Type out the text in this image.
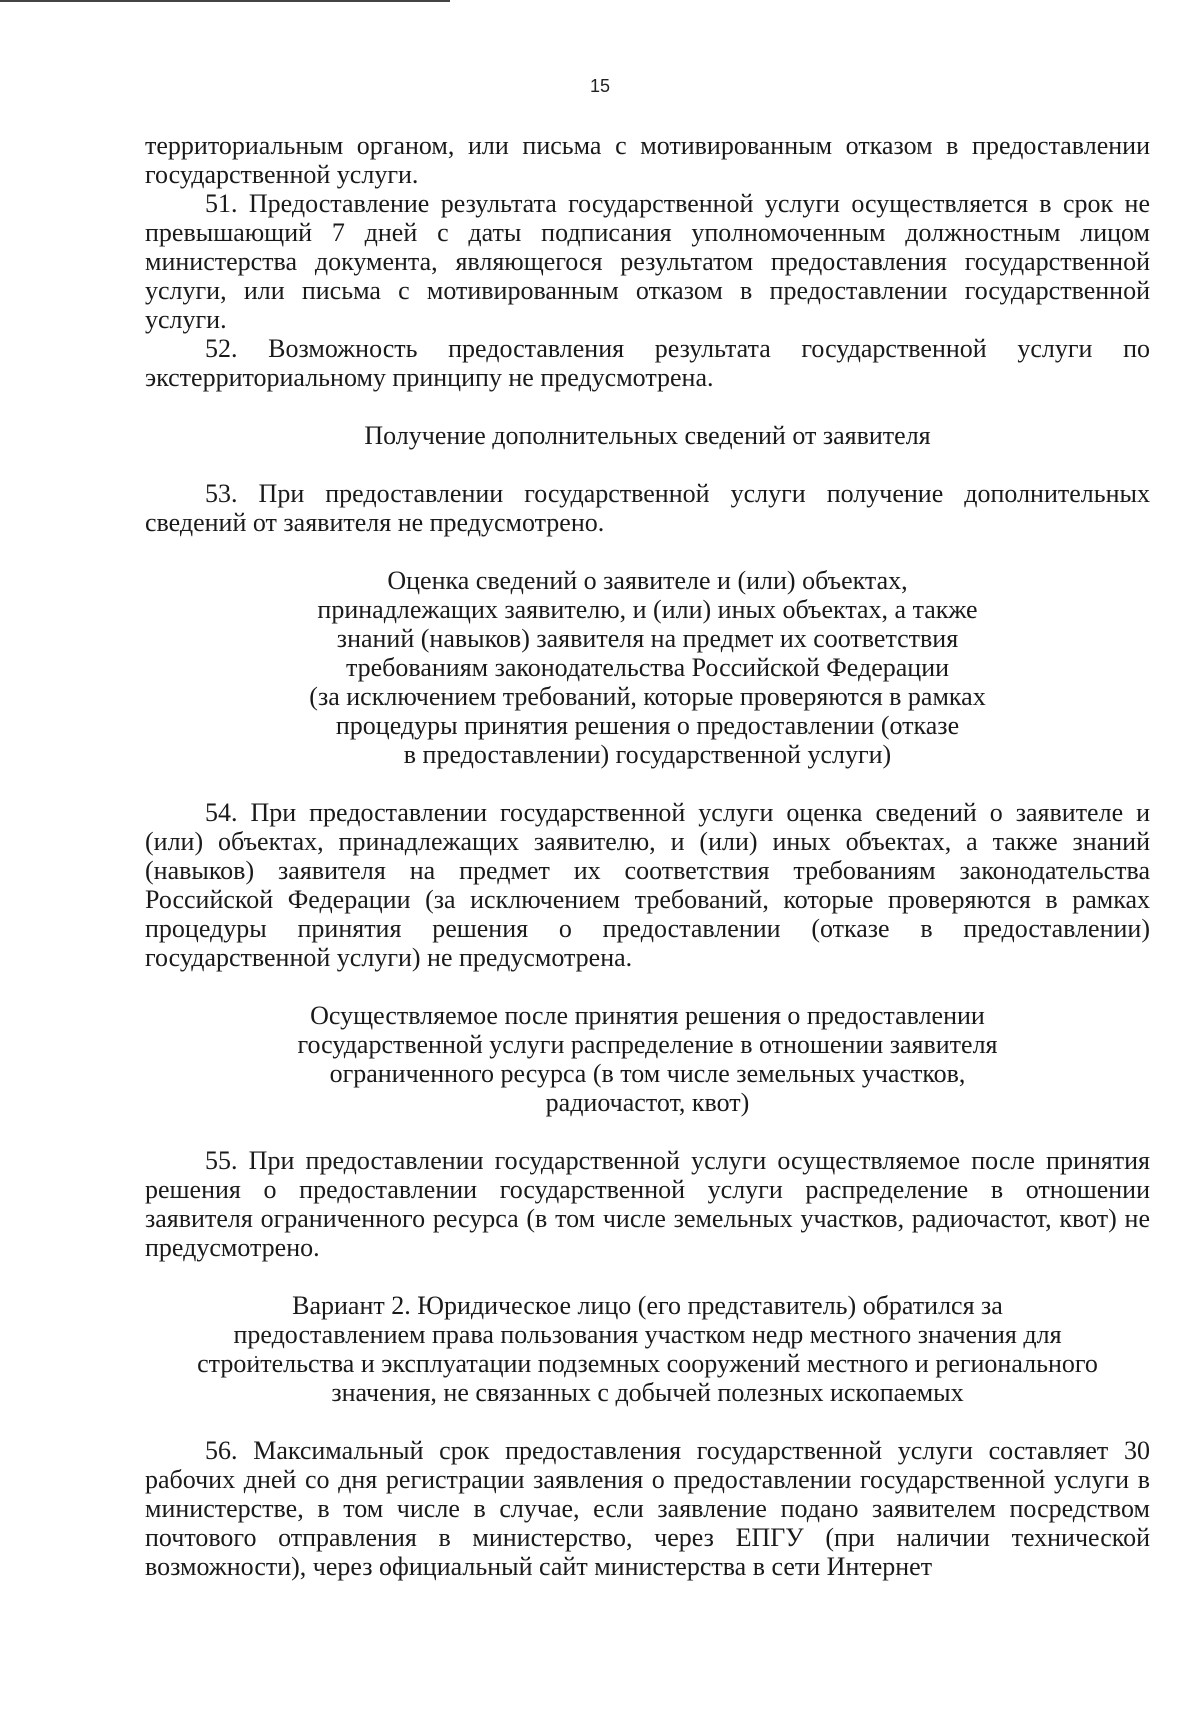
15

территориальным органом, или письма с мотивированным отказом в предоставлении государственной услуги.

51. Предоставление результата государственной услуги осуществляется в срок не превышающий 7 дней с даты подписания уполномоченным должностным лицом министерства документа, являющегося результатом предоставления государственной услуги, или письма с мотивированным отказом в предоставлении государственной услуги.

52. Возможность предоставления результата государственной услуги по экстерриториальному принципу не предусмотрена.

Получение дополнительных сведений от заявителя

53. При предоставлении государственной услуги получение дополнительных сведений от заявителя не предусмотрено.

Оценка сведений о заявителе и (или) объектах,
принадлежащих заявителю, и (или) иных объектах, а также
знаний (навыков) заявителя на предмет их соответствия
требованиям законодательства Российской Федерации
(за исключением требований, которые проверяются в рамках
процедуры принятия решения о предоставлении (отказе
в предоставлении) государственной услуги)

54. При предоставлении государственной услуги оценка сведений о заявителе и (или) объектах, принадлежащих заявителю, и (или) иных объектах, а также знаний (навыков) заявителя на предмет их соответствия требованиям законодательства Российской Федерации (за исключением требований, которые проверяются в рамках процедуры принятия решения о предоставлении (отказе в предоставлении) государственной услуги) не предусмотрена.

Осуществляемое после принятия решения о предоставлении
государственной услуги распределение в отношении заявителя
ограниченного ресурса (в том числе земельных участков,
радиочастот, квот)

55. При предоставлении государственной услуги осуществляемое после принятия решения о предоставлении государственной услуги распределение в отношении заявителя ограниченного ресурса (в том числе земельных участков, радиочастот, квот) не предусмотрено.

Вариант 2. Юридическое лицо (его представитель) обратился за
предоставлением права пользования участком недр местного значения для
строительства и эксплуатации подземных сооружений местного и регионального
значения, не связанных с добычей полезных ископаемых

56. Максимальный срок предоставления государственной услуги составляет 30 рабочих дней со дня регистрации заявления о предоставлении государственной услуги в министерстве, в том числе в случае, если заявление подано заявителем посредством почтового отправления в министерство, через ЕПГУ (при наличии технической возможности), через официальный сайт министерства в сети Интернет
